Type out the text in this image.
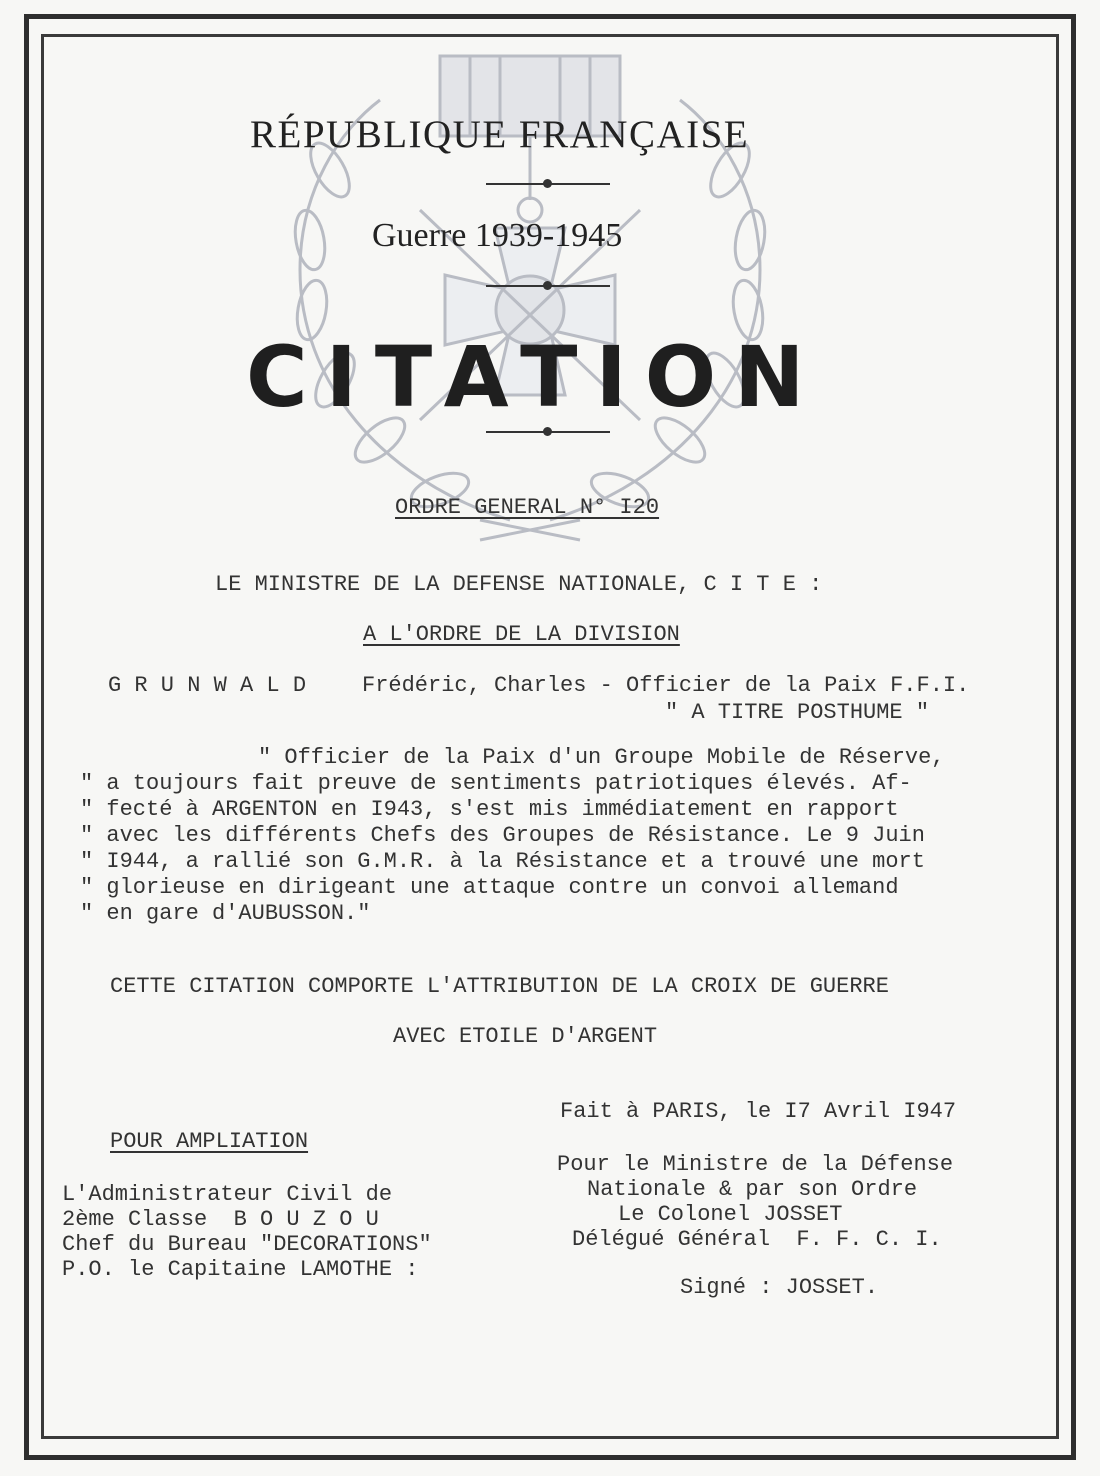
RÉPUBLIQUE FRANÇAISE
Guerre 1939-1945
CITATION
ORDRE GENERAL N° I20
LE MINISTRE DE LA DEFENSE NATIONALE, C I T E :
A L'ORDRE DE LA DIVISION
G R U N W A L D	Frédéric, Charles - Officier de la Paix F.F.I.
" A TITRE POSTHUME "
" Officier de la Paix d'un Groupe Mobile de Réserve,
" a toujours fait preuve de sentiments patriotiques élevés. Af-
" fecté à ARGENTON en I943, s'est mis immédiatement en rapport
" avec les différents Chefs des Groupes de Résistance. Le 9 Juin
" I944, a rallié son G.M.R. à la Résistance et a trouvé une mort
" glorieuse en dirigeant une attaque contre un convoi allemand
" en gare d'AUBUSSON."
CETTE CITATION COMPORTE L'ATTRIBUTION DE LA CROIX DE GUERRE
AVEC ETOILE D'ARGENT
Fait à PARIS, le I7 Avril I947
Pour le Ministre de la Défense
Nationale & par son Ordre
Le Colonel JOSSET
Délégué Général  F. F. C. I.
Signé : JOSSET.
POUR AMPLIATION
L'Administrateur Civil de
2ème Classe  B O U Z O U
Chef du Bureau "DECORATIONS"
P.O. le Capitaine LAMOTHE :
